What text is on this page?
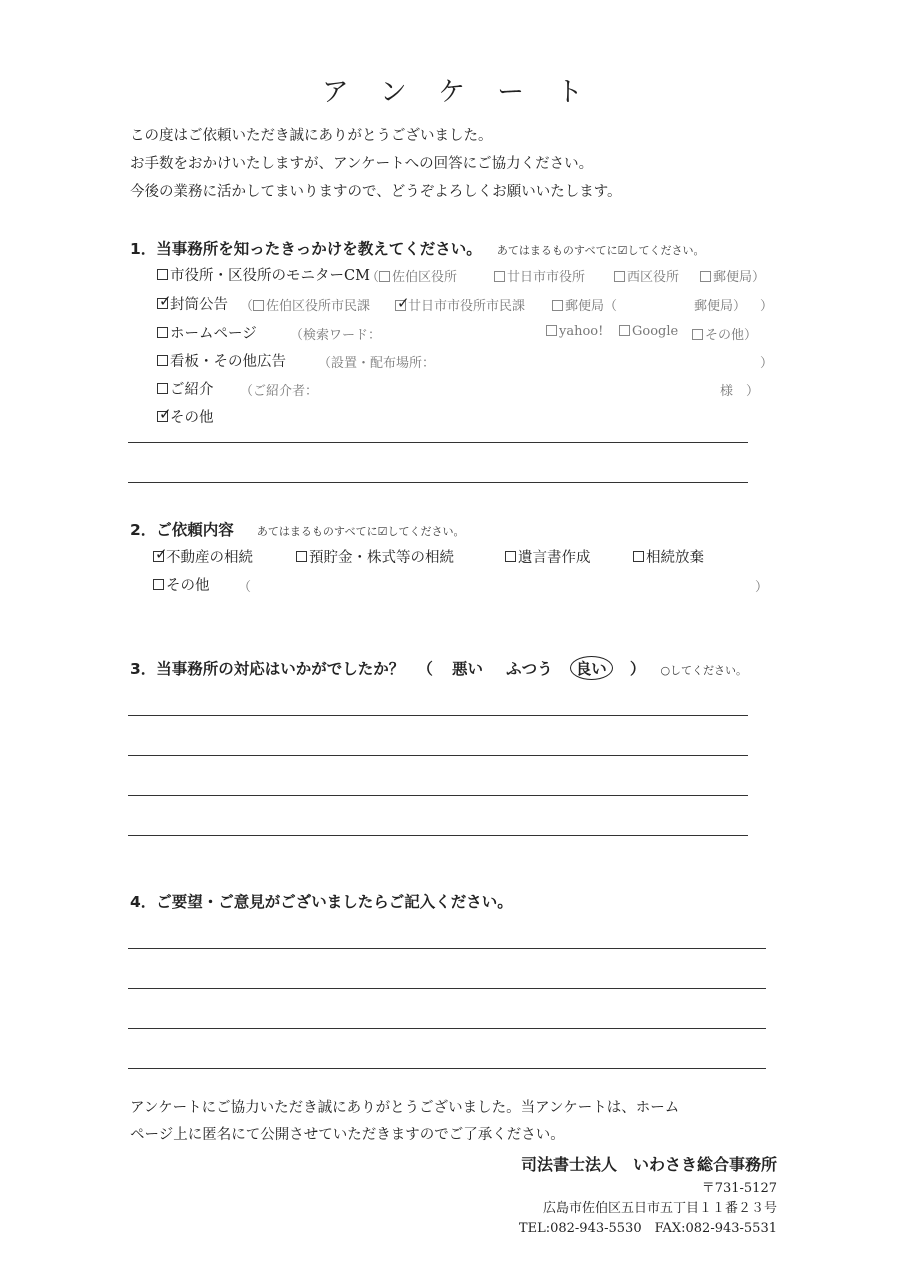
アンケート
この度はご依頼いただき誠にありがとうございました。
お手数をおかけいたしますが、アンケートへの回答にご協力ください。
今後の業務に活かしてまいりますので、どうぞよろしくお願いいたします。
1．当事務所を知ったきっかけを教えてください。 あてはまるものすべてに☑してください。
市役所・区役所のモニターCM
（ 佐伯区役所	廿日市市役所	西区役所	郵便局）
✓
封筒公告 （ 佐伯区役所市民課
✓	廿日市市役所市民課	郵便局（	郵便局） ）
ホームページ	（検索ワード：	yahoo!	Google	その他）
看板・その他広告 （設置・配布場所：	）
ご紹介 （ご紹介者：	様　）
✓
その他
2．ご依頼内容 あてはまるものすべてに☑してください。
✓
不動産の相続	預貯金・株式等の相続	遺言書作成	相続放棄
その他 （	）
3．当事務所の対応はいかがでしたか？ （ 悪い ふつう 良い ） ○してください。
4．ご要望・ご意見がございましたらご記入ください。
アンケートにご協力いただき誠にありがとうございました。当アンケートは、ホーム
ページ上に匿名にて公開させていただきますのでご了承ください。
司法書士法人　いわさき総合事務所
〒731-5127
広島市佐伯区五日市五丁目１１番２３号
TEL:082-943-5530　FAX:082-943-5531
